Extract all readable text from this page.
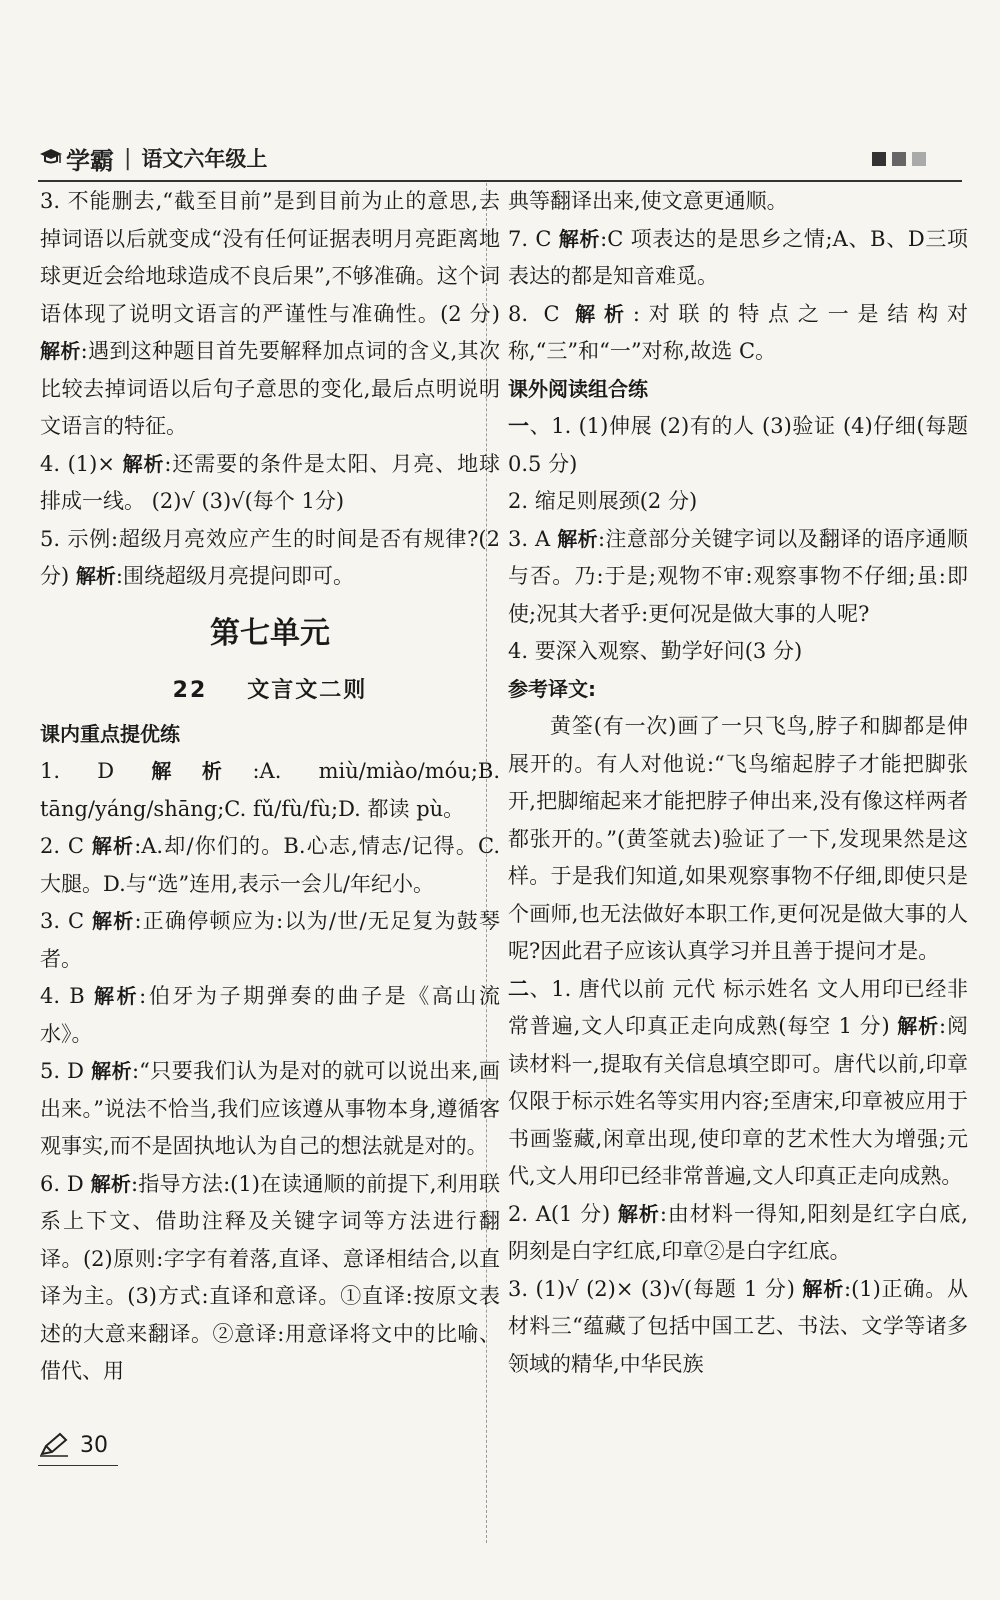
学霸 | 语文六年级上

3. 不能删去,“截至目前”是到目前为止的意思,去掉词语以后就变成“没有任何证据表明月亮距离地球更近会给地球造成不良后果”,不够准确。这个词语体现了说明文语言的严谨性与准确性。(2 分) 解析:遇到这种题目首先要解释加点词的含义,其次比较去掉词语以后句子意思的变化,最后点明说明文语言的特征。

4. (1)× 解析:还需要的条件是太阳、月亮、地球排成一线。 (2)√ (3)√(每个 1分)

5. 示例:超级月亮效应产生的时间是否有规律?(2 分) 解析:围绕超级月亮提问即可。

第七单元
22 文言文二则
课内重点提优练

1. D 解析:A. miù/miào/móu;B. tāng/yáng/shāng;C. fǔ/fù/fù;D. 都读 pù。

2. C 解析:A.却/你们的。B.心志,情志/记得。C. 大腿。D.与“选”连用,表示一会儿/年纪小。

3. C 解析:正确停顿应为:以为/世/无足复为鼓琴者。

4. B 解析:伯牙为子期弹奏的曲子是《高山流水》。

5. D 解析:“只要我们认为是对的就可以说出来,画出来。”说法不恰当,我们应该遵从事物本身,遵循客观事实,而不是固执地认为自己的想法就是对的。

6. D 解析:指导方法:(1)在读通顺的前提下,利用联系上下文、借助注释及关键字词等方法进行翻译。(2)原则:字字有着落,直译、意译相结合,以直译为主。(3)方式:直译和意译。①直译:按原文表述的大意来翻译。②意译:用意译将文中的比喻、借代、用

典等翻译出来,使文意更通顺。

7. C 解析:C 项表达的是思乡之情;A、B、D三项表达的都是知音难觅。

8. C 解析:对联的特点之一是结构对称,“三”和“一”对称,故选 C。

课外阅读组合练

一、1. (1)伸展 (2)有的人 (3)验证 (4)仔细(每题 0.5 分)

2. 缩足则展颈(2 分)

3. A 解析:注意部分关键字词以及翻译的语序通顺与否。乃:于是;观物不审:观察事物不仔细;虽:即使;况其大者乎:更何况是做大事的人呢?

4. 要深入观察、勤学好问(3 分)

参考译文:

黄筌(有一次)画了一只飞鸟,脖子和脚都是伸展开的。有人对他说:“飞鸟缩起脖子才能把脚张开,把脚缩起来才能把脖子伸出来,没有像这样两者都张开的。”(黄筌就去)验证了一下,发现果然是这样。于是我们知道,如果观察事物不仔细,即使只是个画师,也无法做好本职工作,更何况是做大事的人呢?因此君子应该认真学习并且善于提问才是。

二、1. 唐代以前 元代 标示姓名 文人用印已经非常普遍,文人印真正走向成熟(每空 1 分) 解析:阅读材料一,提取有关信息填空即可。唐代以前,印章仅限于标示姓名等实用内容;至唐宋,印章被应用于书画鉴藏,闲章出现,使印章的艺术性大为增强;元代,文人用印已经非常普遍,文人印真正走向成熟。

2. A(1 分) 解析:由材料一得知,阳刻是红字白底,阴刻是白字红底,印章②是白字红底。

3. (1)√ (2)× (3)√(每题 1 分) 解析:(1)正确。从材料三“蕴藏了包括中国工艺、书法、文学等诸多领域的精华,中华民族

30
